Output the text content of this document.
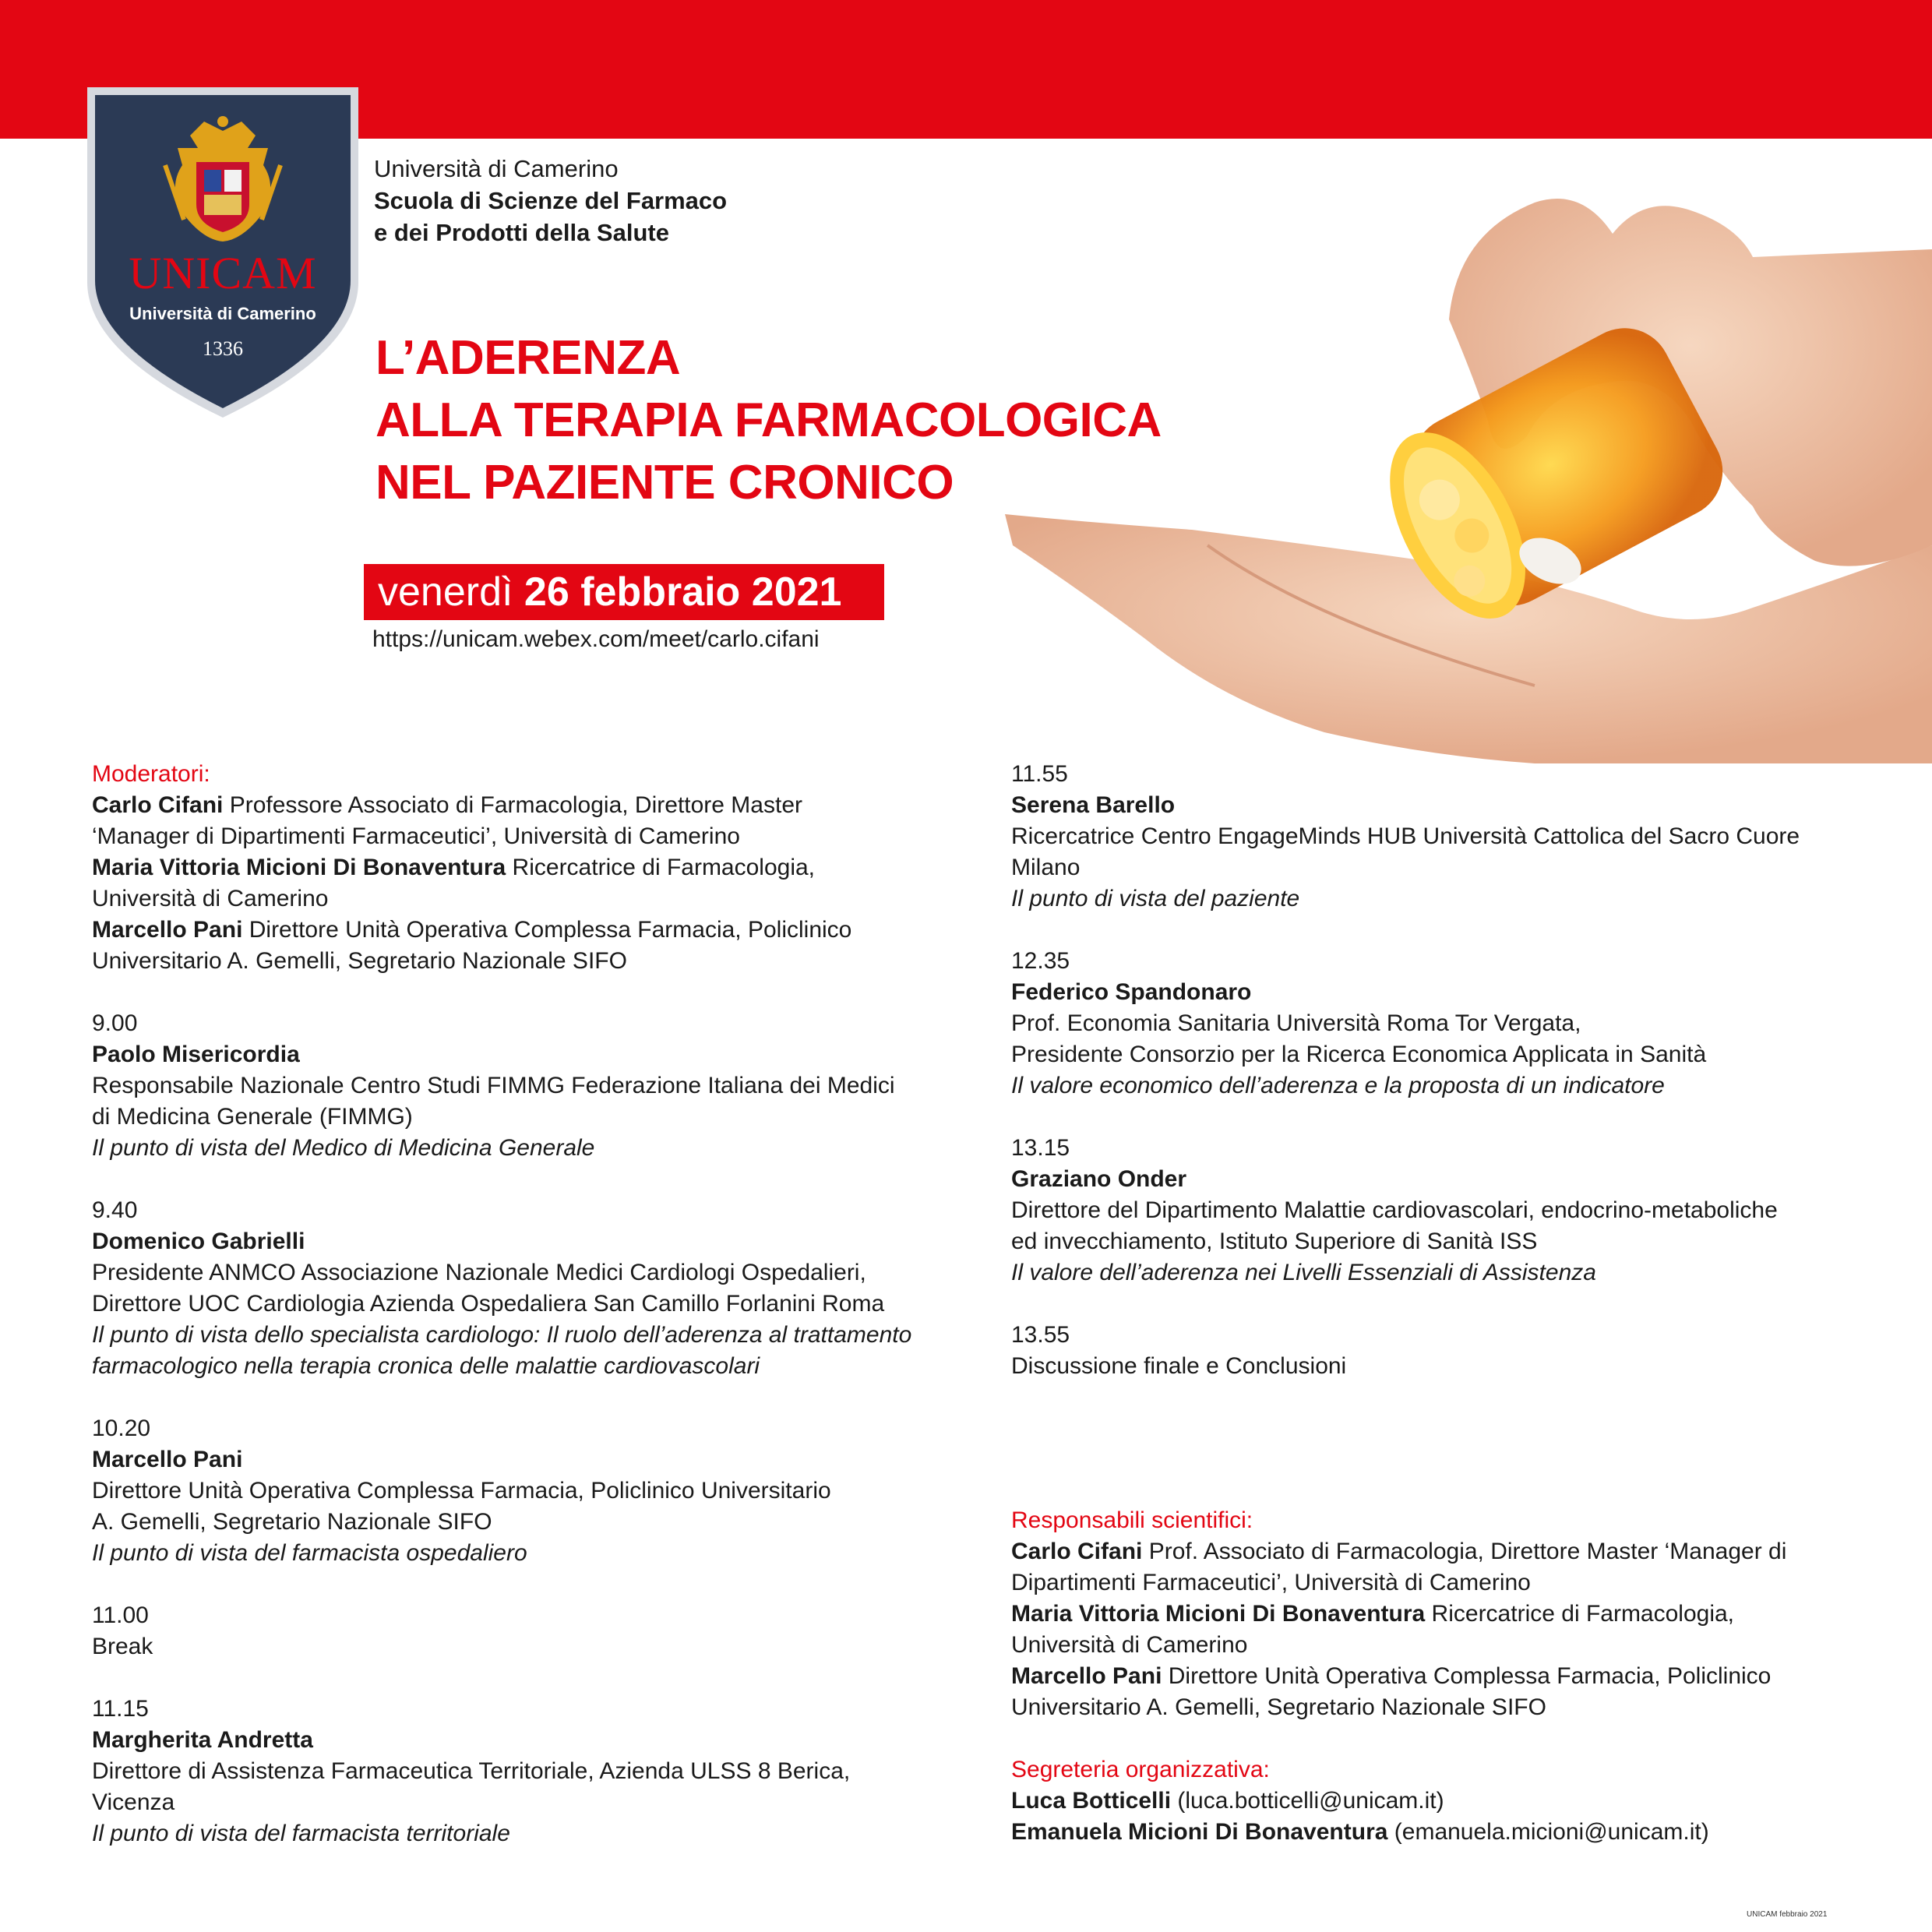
UNICAM
Università di Camerino
1336
Università di Camerino
Scuola di Scienze del Farmaco
e dei Prodotti della Salute
L’ADERENZA
ALLA TERAPIA FARMACOLOGICA
NEL PAZIENTE CRONICO
venerdì 26 febbraio 2021
https://unicam.webex.com/meet/carlo.cifani

Moderatori:

Carlo Cifani Professore Associato di Farmacologia, Direttore Master

‘Manager di Dipartimenti Farmaceutici’, Università di Camerino

Maria Vittoria Micioni Di Bonaventura Ricercatrice di Farmacologia,

Università di Camerino

Marcello Pani Direttore Unità Operativa Complessa Farmacia, Policlinico

Universitario A. Gemelli, Segretario Nazionale SIFO

9.00

Paolo Misericordia

Responsabile Nazionale Centro Studi FIMMG Federazione Italiana dei Medici

di Medicina Generale (FIMMG)

Il punto di vista del Medico di Medicina Generale

9.40

Domenico Gabrielli

Presidente ANMCO Associazione Nazionale Medici Cardiologi Ospedalieri,

Direttore UOC Cardiologia Azienda Ospedaliera San Camillo Forlanini Roma

Il punto di vista dello specialista cardiologo: Il ruolo dell’aderenza al trattamento

farmacologico nella terapia cronica delle malattie cardiovascolari

10.20

Marcello Pani

Direttore Unità Operativa Complessa Farmacia, Policlinico Universitario

A. Gemelli, Segretario Nazionale SIFO

Il punto di vista del farmacista ospedaliero

11.00

Break

11.15

Margherita Andretta

Direttore di Assistenza Farmaceutica Territoriale, Azienda ULSS 8 Berica,

Vicenza

Il punto di vista del farmacista territoriale

11.55

Serena Barello

Ricercatrice Centro EngageMinds HUB Università Cattolica del Sacro Cuore

Milano

Il punto di vista del paziente

12.35

Federico Spandonaro

Prof. Economia Sanitaria Università Roma Tor Vergata,

Presidente Consorzio per la Ricerca Economica Applicata in Sanità

Il valore economico dell’aderenza e la proposta di un indicatore

13.15

Graziano Onder

Direttore del Dipartimento Malattie cardiovascolari, endocrino-metaboliche

ed invecchiamento, Istituto Superiore di Sanità ISS

Il valore dell’aderenza nei Livelli Essenziali di Assistenza

13.55

Discussione finale e Conclusioni

Responsabili scientifici:

Carlo Cifani Prof. Associato di Farmacologia, Direttore Master ‘Manager di

Dipartimenti Farmaceutici’, Università di Camerino

Maria Vittoria Micioni Di Bonaventura Ricercatrice di Farmacologia,

Università di Camerino

Marcello Pani Direttore Unità Operativa Complessa Farmacia, Policlinico

Universitario A. Gemelli, Segretario Nazionale SIFO

Segreteria organizzativa:

Luca Botticelli (luca.botticelli@unicam.it)

Emanuela Micioni Di Bonaventura (emanuela.micioni@unicam.it)

UNICAM febbraio 2021
